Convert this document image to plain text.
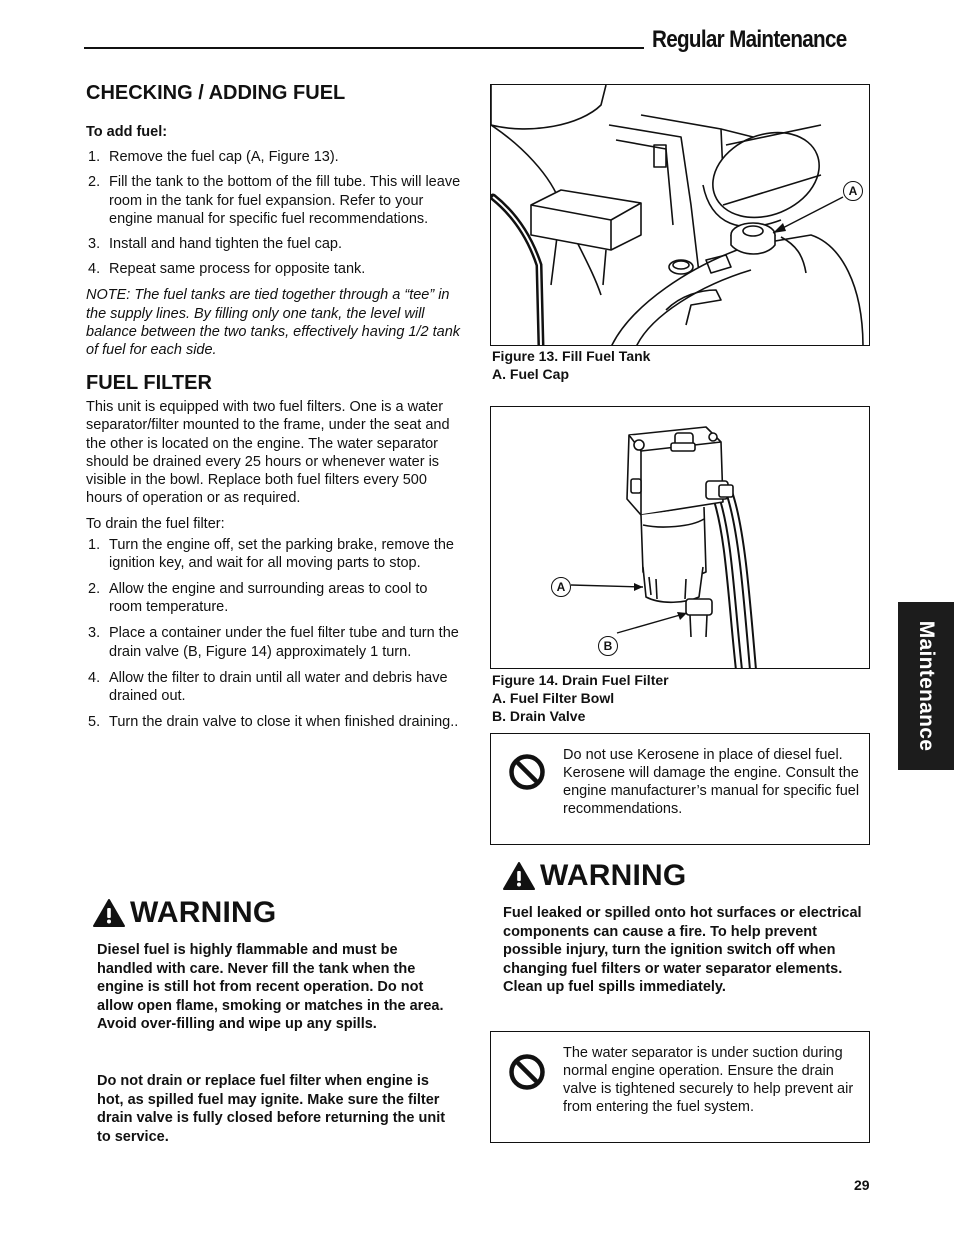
Regular Maintenance
CHECKING / ADDING FUEL
To add fuel:
1. Remove the fuel cap (A, Figure 13).
2. Fill the tank to the bottom of the fill tube. This will leave room in the tank for fuel expansion. Refer to your engine manual for specific fuel recommendations.
3. Install and hand tighten the fuel cap.
4. Repeat same process for opposite tank.
NOTE: The fuel tanks are tied together through a “tee” in the supply lines. By filling only one tank, the level will balance between the two tanks, effectively having 1/2 tank of fuel for each side.
FUEL FILTER
This unit is equipped with two fuel filters. One is a water separator/filter mounted to the frame, under the seat and the other is located on the engine. The water separator should be drained every 25 hours or whenever water is visible in the bowl. Replace both fuel filters every 500 hours of operation or as required.
To drain the fuel filter:
1. Turn the engine off, set the parking brake, remove the ignition key, and wait for all moving parts to stop.
2. Allow the engine and surrounding areas to cool to room temperature.
3. Place a container under the fuel filter tube and turn the drain valve (B, Figure 14) approximately 1 turn.
4. Allow the filter to drain until all water and debris have drained out.
5. Turn the drain valve to close it when finished draining..
WARNING
Diesel fuel is highly flammable and must be handled with care. Never fill the tank when the engine is still hot from recent operation. Do not allow open flame, smoking or matches in the area. Avoid over-filling and wipe up any spills.
Do not drain or replace fuel filter when engine is hot, as spilled fuel may ignite. Make sure the filter drain valve is fully closed before returning the unit to service.
A
Figure 13. Fill Fuel Tank
A. Fuel Cap
A
B
Figure 14. Drain Fuel Filter
A. Fuel Filter Bowl
B. Drain Valve
Do not use Kerosene in place of diesel fuel. Kerosene will damage the engine. Consult the engine manufacturer’s manual for specific fuel recommendations.
WARNING
Fuel leaked or spilled onto hot surfaces or electrical components can cause a fire. To help prevent possible injury, turn the ignition switch off when changing fuel filters or water separator elements. Clean up fuel spills immediately.
The water separator is under suction during normal engine operation. Ensure the drain valve is tightened securely to help prevent air from entering the fuel system.
Maintenance
29
